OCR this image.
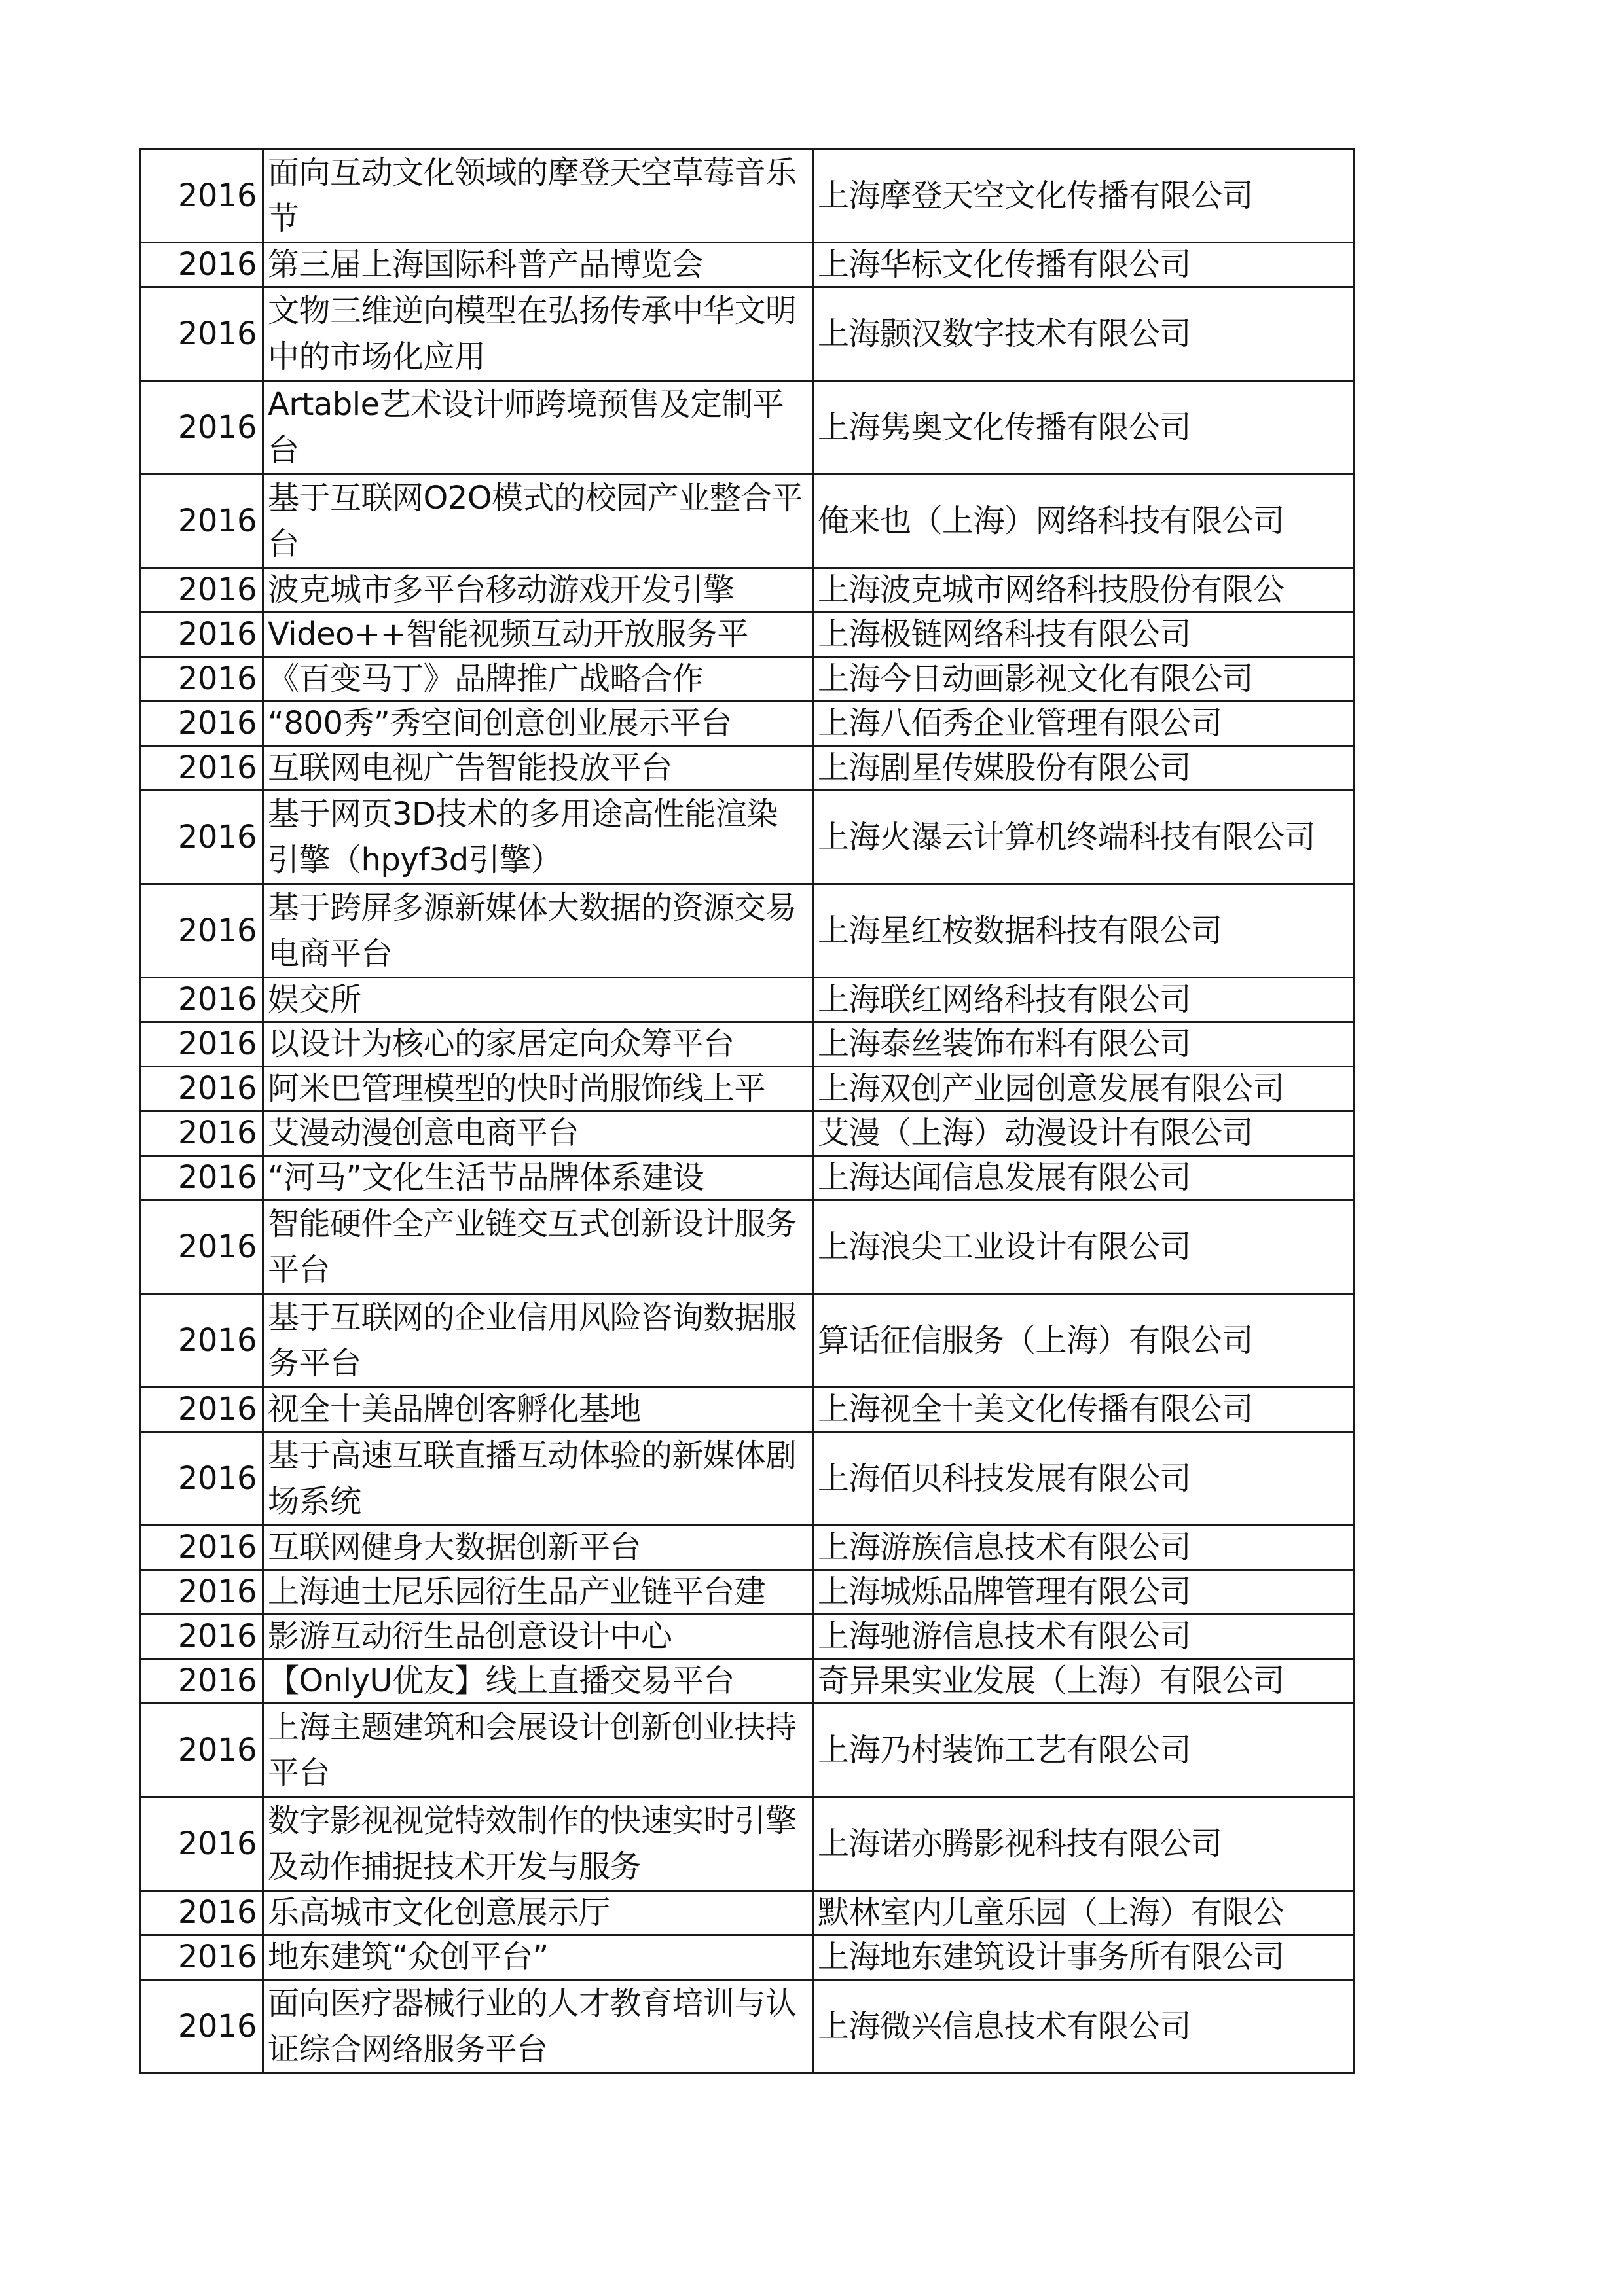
2016	面向互动文化领域的摩登天空草莓音乐节	上海摩登天空文化传播有限公司

2016	第三届上海国际科普产品博览会	上海华标文化传播有限公司

2016	文物三维逆向模型在弘扬传承中华文明中的市场化应用	上海颢汉数字技术有限公司

2016	Artable艺术设计师跨境预售及定制平台	上海隽奥文化传播有限公司

2016	基于互联网O2O模式的校园产业整合平台	俺来也（上海）网络科技有限公司

2016	波克城市多平台移动游戏开发引擎	上海波克城市网络科技股份有限公

2016	Video++智能视频互动开放服务平	上海极链网络科技有限公司

2016	《百变马丁》品牌推广战略合作	上海今日动画影视文化有限公司

2016	“800秀”秀空间创意创业展示平台	上海八佰秀企业管理有限公司

2016	互联网电视广告智能投放平台	上海剧星传媒股份有限公司

2016	基于网页3D技术的多用途高性能渲染引擎（hpyf3d引擎）	上海火瀑云计算机终端科技有限公司

2016	基于跨屏多源新媒体大数据的资源交易电商平台	上海星红桉数据科技有限公司

2016	娱交所	上海联红网络科技有限公司

2016	以设计为核心的家居定向众筹平台	上海泰丝装饰布料有限公司

2016	阿米巴管理模型的快时尚服饰线上平	上海双创产业园创意发展有限公司

2016	艾漫动漫创意电商平台	艾漫（上海）动漫设计有限公司

2016	“河马”文化生活节品牌体系建设	上海达闻信息发展有限公司

2016	智能硬件全产业链交互式创新设计服务平台	上海浪尖工业设计有限公司

2016	基于互联网的企业信用风险咨询数据服务平台	算话征信服务（上海）有限公司

2016	视全十美品牌创客孵化基地	上海视全十美文化传播有限公司

2016	基于高速互联直播互动体验的新媒体剧场系统	上海佰贝科技发展有限公司

2016	互联网健身大数据创新平台	上海游族信息技术有限公司

2016	上海迪士尼乐园衍生品产业链平台建	上海城烁品牌管理有限公司

2016	影游互动衍生品创意设计中心	上海驰游信息技术有限公司

2016	【OnlyU优友】线上直播交易平台	奇异果实业发展（上海）有限公司

2016	上海主题建筑和会展设计创新创业扶持平台	上海乃村装饰工艺有限公司

2016	数字影视视觉特效制作的快速实时引擎及动作捕捉技术开发与服务	上海诺亦腾影视科技有限公司

2016	乐高城市文化创意展示厅	默林室内儿童乐园（上海）有限公

2016	地东建筑“众创平台”	上海地东建筑设计事务所有限公司

2016	面向医疗器械行业的人才教育培训与认证综合网络服务平台	上海微兴信息技术有限公司
